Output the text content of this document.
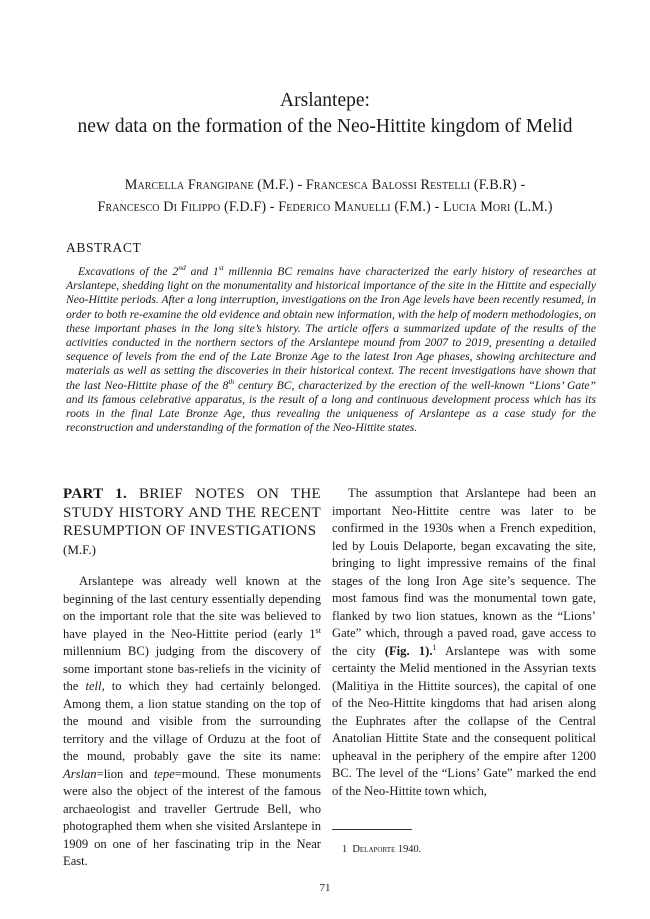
Arslantepe:
new data on the formation of the Neo-Hittite kingdom of Melid
Marcella Frangipane (M.F.) - Francesca Balossi Restelli (F.B.R) -
Francesco Di Filippo (F.D.F) - Federico Manuelli (F.M.) - Lucia Mori (L.M.)
ABSTRACT

Excavations of the 2nd and 1st millennia BC remains have characterized the early history of researches at Arslantepe, shedding light on the monumentality and historical importance of the site in the Hittite and especially Neo-Hittite periods. After a long interruption, investigations on the Iron Age levels have been recently resumed, in order to both re-examine the old evidence and obtain new information, with the help of modern methodologies, on these important phases in the long site’s history. The article offers a summarized update of the results of the activities conducted in the northern sectors of the Arslantepe mound from 2007 to 2019, presenting a detailed sequence of levels from the end of the Late Bronze Age to the latest Iron Age phases, showing architecture and materials as well as setting the discoveries in their historical context. The recent investigations have shown that the last Neo-Hittite phase of the 8th century BC, characterized by the erection of the well-known “Lions’ Gate” and its famous celebrative apparatus, is the result of a long and continuous development process which has its roots in the final Late Bronze Age, thus revealing the uniqueness of Arslantepe as a case study for the reconstruction and understanding of the formation of the Neo-Hittite states.

PART 1. BRIEF NOTES ON THE STUDY HISTORY AND THE RECENT RESUMPTION OF INVESTIGATIONS
(M.F.)

Arslantepe was already well known at the beginning of the last century essentially depending on the important role that the site was believed to have played in the Neo-Hittite period (early 1st millennium BC) judging from the discovery of some important stone bas-reliefs in the vicinity of the tell, to which they had certainly belonged. Among them, a lion statue standing on the top of the mound and visible from the surrounding territory and the village of Orduzu at the foot of the mound, probably gave the site its name: Arslan=lion and tepe=mound. These monuments were also the object of the interest of the famous archaeologist and traveller Gertrude Bell, who photographed them when she visited Arslantepe in 1909 on one of her fascinating trip in the Near East.

The assumption that Arslantepe had been an important Neo-Hittite centre was later to be confirmed in the 1930s when a French expedition, led by Louis Delaporte, began excavating the site, bringing to light impressive remains of the final stages of the long Iron Age site’s sequence. The most famous find was the monumental town gate, flanked by two lion statues, known as the “Lions’ Gate” which, through a paved road, gave access to the city (Fig. 1).$^1$ Arslantepe was with some certainty the Melid mentioned in the Assyrian texts (Malitiya in the Hittite sources), the capital of one of the Neo-Hittite kingdoms that had arisen along the Euphrates after the collapse of the Central Anatolian Hittite State and the consequent political upheaval in the periphery of the empire after 1200 BC. The level of the “Lions’ Gate” marked the end of the Neo-Hittite town which,

1 Delaporte 1940.
71
